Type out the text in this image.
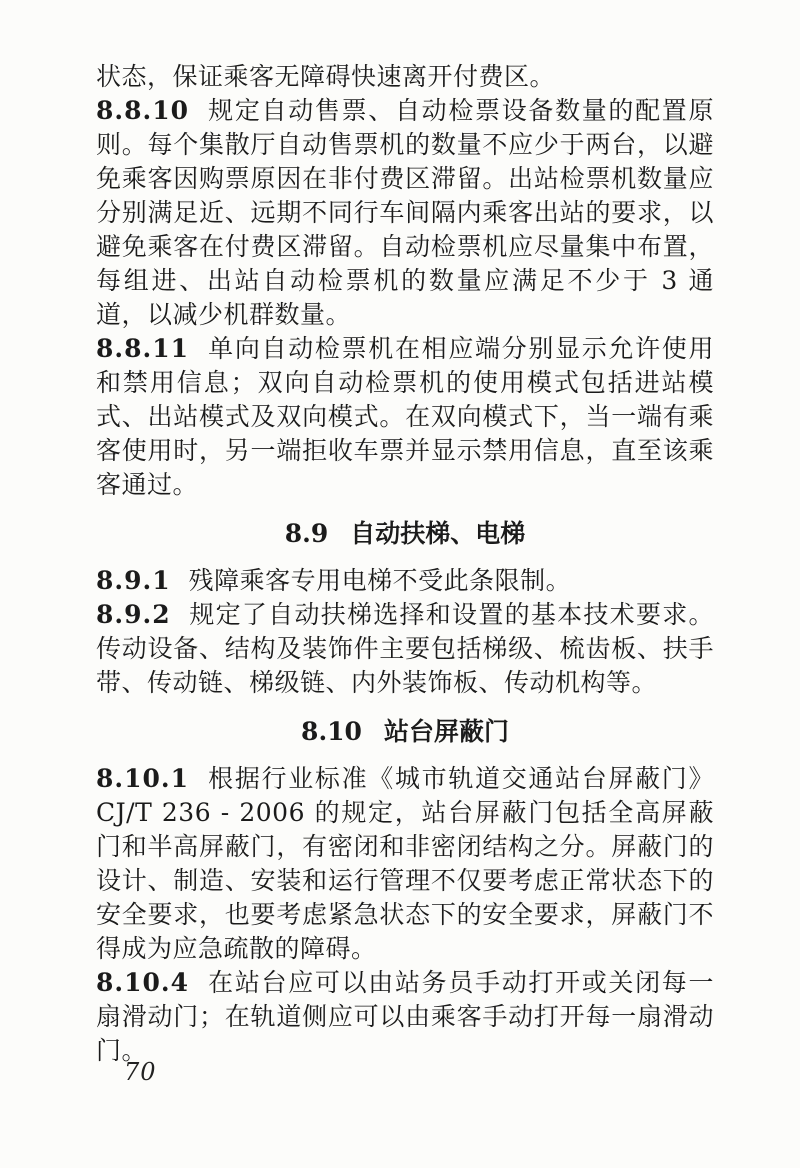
状态，保证乘客无障碍快速离开付费区。

8.8.10 规定自动售票、自动检票设备数量的配置原则。每个集散厅自动售票机的数量不应少于两台，以避免乘客因购票原因在非付费区滞留。出站检票机数量应分别满足近、远期不同行车间隔内乘客出站的要求，以避免乘客在付费区滞留。自动检票机应尽量集中布置，每组进、出站自动检票机的数量应满足不少于 3 通道，以减少机群数量。

8.8.11 单向自动检票机在相应端分别显示允许使用和禁用信息；双向自动检票机的使用模式包括进站模式、出站模式及双向模式。在双向模式下，当一端有乘客使用时，另一端拒收车票并显示禁用信息，直至该乘客通过。

8.9 自动扶梯、电梯

8.9.1 残障乘客专用电梯不受此条限制。

8.9.2 规定了自动扶梯选择和设置的基本技术要求。传动设备、结构及装饰件主要包括梯级、梳齿板、扶手带、传动链、梯级链、内外装饰板、传动机构等。

8.10 站台屏蔽门

8.10.1 根据行业标准《城市轨道交通站台屏蔽门》CJ/T 236 - 2006 的规定，站台屏蔽门包括全高屏蔽门和半高屏蔽门，有密闭和非密闭结构之分。屏蔽门的设计、制造、安装和运行管理不仅要考虑正常状态下的安全要求，也要考虑紧急状态下的安全要求，屏蔽门不得成为应急疏散的障碍。

8.10.4 在站台应可以由站务员手动打开或关闭每一扇滑动门；在轨道侧应可以由乘客手动打开每一扇滑动门。

70
